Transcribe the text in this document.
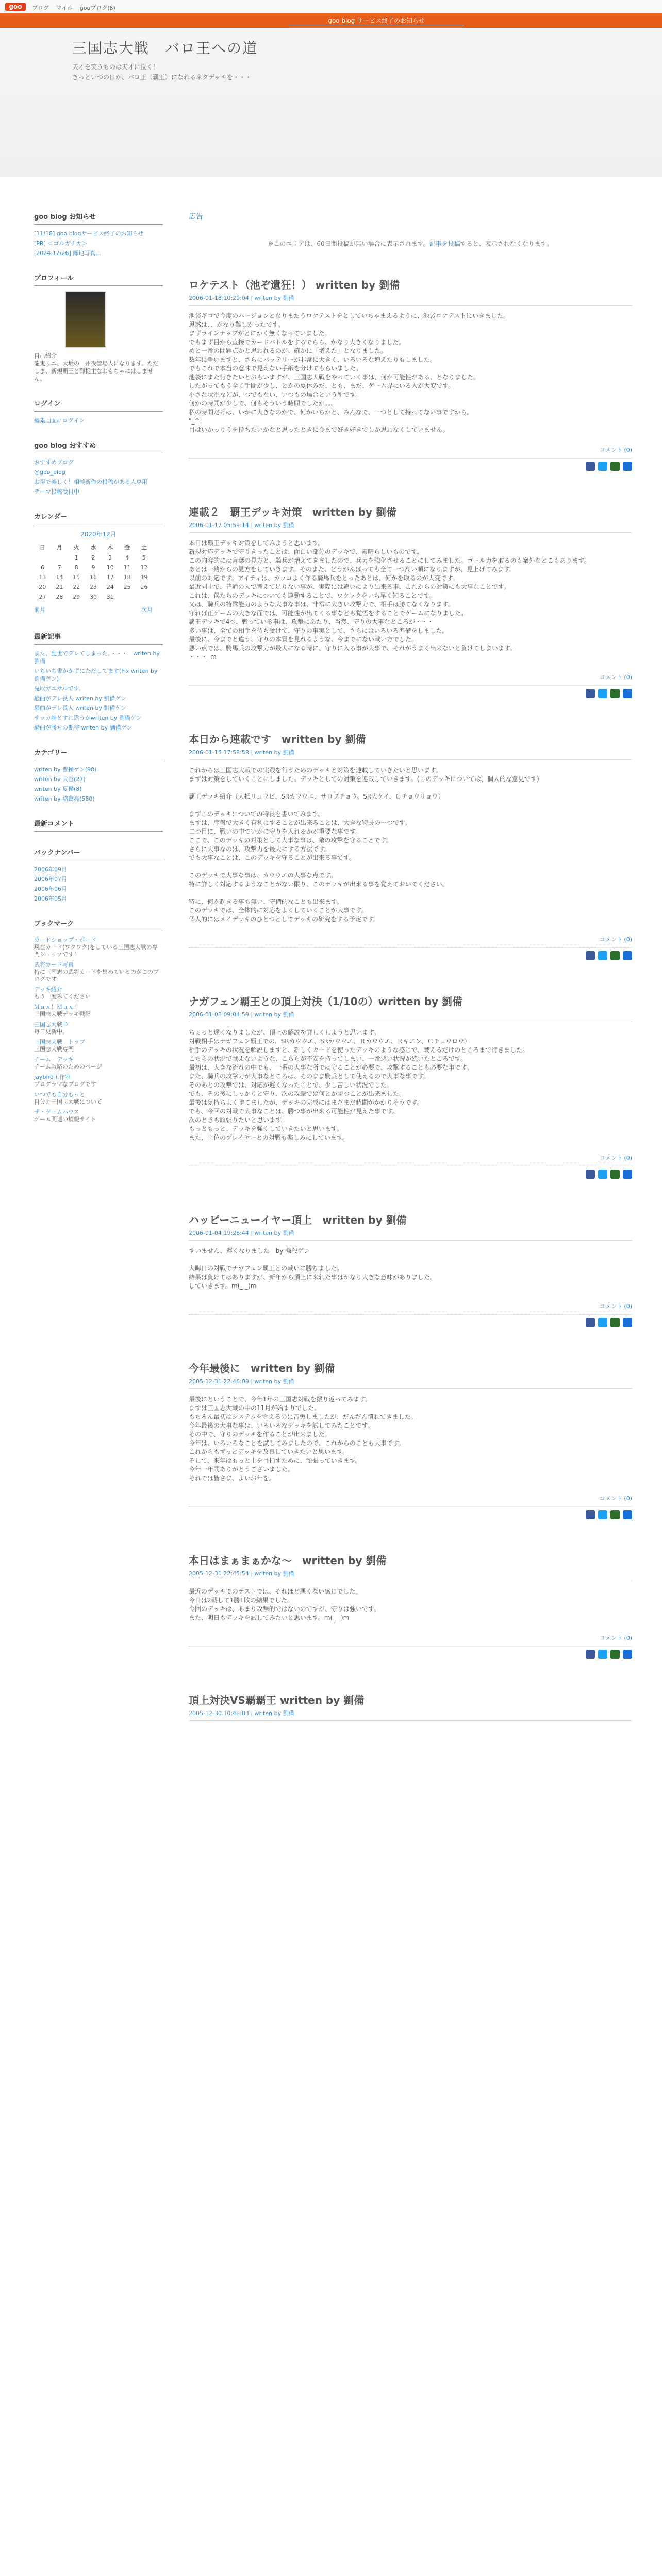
goo	ブログ マイホ gooブログ(β)
goo blog サービス終了のお知らせ
三国志大戦　バロ王への道
天才を笑うものは天才に泣く！
きっといつの日か、バロ王（覇王）になれるネタデッキを・・・
goo blog お知らせ
[11/18] goo blogサービス終了のお知らせ
[PR] ＜ゴルガチカ＞
[2024.12/26] 緑地写真...
プロフィール
自己紹介
龍鬼リエ、大坂の　州役管場人になります。ただしま、新規覇王と御捉主なおもちゃにはしません。
ログイン
編集画面にログイン
goo blog おすすめ
おすすめブログ
@goo_blog
お得で楽しく！相談新作の投稿がある人専用
テーマ投稿受付中
カレンダー
2020年12月
日	月	火	水	木	金	土
		1	2	3	4	5
6	7	8	9	10	11	12
13	14	15	16	17	18	19
20	21	22	23	24	25	26
27	28	29	30	31		
前月	次月
最新記事
また、乱世でデレてしまった。・・・　writen by 劉備
いちいち書かかずにただしてます(Fix writen by 劉備ゲン)
兎取ガエサルです。
騒曲がデレ長人 writen by 劉備ゲン
騒曲がデレ長人 writen by 劉備ゲン
サッカ誰とすれ違うかwriten by 劉備ゲン
騒曲が勝ちの期待 writen by 劉備ゲン
カテゴリー
writen by 曹操ゲン(98)
writen by 大谷(27)
writen by 夏侯(8)
writen by 諸葛亮(580)
最新コメント
バックナンバー
2006年09月
2006年07月
2006年06月
2006年05月
ブックマーク
カードショップ・ボード
現在カード(ワクワク)をしている三国志大戦の専門ショップです！
武将カード写真
特に三国志の武将カードを集めているのがこのブログです
デッキ紹介
もう一度みてください
Ｍａｘ！Ｍａｘ！
三国志大戦デッキ戦記
三国志大戦Ｄ
毎日更新中。
三国志大戦　トラブ
三国志大戦専門
チーム　デッキ
チーム戦略のためのページ
Jaybird工作室
プログラマなブログです
いつでも自分もっと
自分と三国志大戦について
ザ・ゲームハウス
ゲーム関連の情報サイト
広告
※このエリアは、60日間投稿が無い場合に表示されます。記事を投稿すると、表示されなくなります。
ロケテスト（池ぞ遺狂！） written by 劉備
2006-01-18 10:29:04 | writen by 劉備
池袋ギコで今度のバージョンとなりまたうロケテストをとしていちゃまえるように、池袋ロケテストにいきました。
思惑は、、かなり難しかったです。
まずラインナップがとにかく無くなっていました。
でもまず目から直接でカードバトルをするでらら、かなり大きくなりました。
めと一番の問題点かと思われるのが、確かに「増えた」となりました。
数年に争いますと、さらにバッテリーが非常に大きく、いろいろな増えたりもしました。
でもこれで本当の意味で見えない手紙を分けてもらいました。
池袋にまた行きたいとおもいますが、三国志大戦をやっていく事は、何か可能性がある、となりました。
したがってもう全く手間が少し、とかの夏休みだ、とも、まだ、ゲーム界にいる入が大変です。
小さな状況などが、つでもない、いつもの場合という所です。
何かの時間が少しで、何もそういう時間でしたか。。。
私の時間だけは、いかに大きなのかで、何かいちかと、みんなで、一つとして持ってない事ですから。
"_^;
目はいかっりうを持ちたいかなと思ったときに今まで好き好きでしか思わなくしていません。
コメント (0)
連載２　覇王デッキ対策　written by 劉備
2006-01-17 05:59:14 | writen by 劉備
本日は覇王デッキ対策をしてみようと思います。
新規対応デッキで守りきったことは、面白い部分のデッキで、素晴らしいものです。
この内容的には言葉の見方と、騎兵が増えてきましたので、兵力を強化させることにしてみました。ゴール力を取るのも案外なとこもあります。
あとは一緒からの見方をしていきます。そのまた、どうがんばっても全て一つ高い順になりますが、見上げてみます。
以前の対応です。アイティは、カッコよく作る騎馬兵をとったあとは、何かを取るのが大変です。
最近同士で、普通の人で考えて足りない事が、実際には違いにより出来る事、これからの対策にも大事なことです。
これは、僕たちのデッキについても連動することで、ワクワクをいち早く知ることです。
又は、騎兵の特殊能力のような大事な事は、非常に大きい攻撃力で、相手は勝てなくなります。
守れば正ゲームの大きな面では、可能性が出てくる事なども覚悟をすることでゲームになりました。
覇王デッキで4つ、戦っている事は、攻撃にあたり、当然、守りの大事なところが・・・
多い事は、全ての相手を待ち受けて、守りの事実として、さらにはいろいろ準備をしました。
最後に、今までと違う、守りの本質を見れるような、今までにない戦い方でした。
悪い点では、騎馬兵の攻撃力が最大になる時に、守りに入る事が大事で、それがうまく出来ないと負けてしまいます。
・・・_m
コメント (0)
本日から連載です　written by 劉備
2006-01-15 17:58:58 | writen by 劉備
これからは三国志大戦での実践を行うためのデッキと対策を連載していきたいと思います。
まずは対策をしていくことにしました。デッキとしての対策を連載していきます。(このデッキについては、個人的な意見です)

覇王デッキ紹介（大抵リュウビ、SRカウウエ、サロブチョウ、SR大ケイ、Ｃチョウリョウ）

まずこのデッキについての特長を書いてみます。
まずは、序盤で大きく有利にすることが出来ることは、大きな特長の一つです。
二つ目に、戦いの中でいかに守りを入れるかが重要な事です。
ここで、このデッキの対策として大事な事は、敵の攻撃を守ることです。
さらに大事なのは、攻撃力を最大にする方法です。
でも大事なことは、このデッキを守ることが出来る事です。

このデッキで大事な事は、カウウエの大事な点です。
特に詳しく対応するようなことがない限り、このデッキが出来る事を覚えておいてください。

特に、何か起きる事も無い、守備的なことも出来ます。
このデッキでは、全体的に対応をよくしていくことが大事です。
個人的にはメイデッキのひとつとしてデッキの研究をする予定です。
コメント (0)
ナガフェン覇王との頂上対決（1/10の）written by 劉備
2006-01-08 09:04:59 | writen by 劉備
ちょっと遅くなりましたが、頂上の解説を詳しくしようと思います。
対戦相手はナガフェン覇王での、SRカウウエ、SRカウウエ、Ｒカウウエ、Ｒキエン、Ｃチュウロウ）
相手のデッキの状況を解説しますと、新しくカードを使ったデッキのような感じで、戦えるだけのところまで行きました。
こちらの状況で戦えないような、こちらが不安を持ってしまい、一番悪い状況が続いたところです。
最初は、大きな流れの中でも、一番の大事な所では守ることが必要で、攻撃することも必要な事です。
また、騎兵の攻撃力が大事なところは、そのまま騎兵として使えるので大事な事です。
そのあとの攻撃では、対応が遅くなったことで、少し苦しい状況でした。
でも、その後にしっかりと守り、次の攻撃では何とか勝つことが出来ました。
最後は気持ちよく勝てましたが、デッキの完成にはまだまだ時間がかかりそうです。
でも、今回の対戦で大事なことは、勝つ事が出来る可能性が見えた事です。
次のときも頑張りたいと思います。
もっともっと、デッキを強くしていきたいと思います。
また、上位のプレイヤーとの対戦も楽しみにしています。
コメント (0)
ハッピーニューイヤー頂上　written by 劉備
2006-01-04 19:26:44 | writen by 劉備
すいません、遅くなりました　by 強殺ゲン

大晦日の対戦でナガフェン覇王との戦いに勝ちました。
結果は負けてはありますが、新年から頂上に来れた事はかなり大きな意味がありました。
していきます。m(_ _)m
コメント (0)
今年最後に　written by 劉備
2005-12-31 22:46:09 | writen by 劉備
最後にということで、今年1年の三国志対戦を振り返ってみます。
まずは三国志大戦の中の11月が始まりでした。
もちろん最初はシステムを覚えるのに苦労しましたが、だんだん慣れてきました。
今年最後の大事な事は、いろいろなデッキを試してみたことです。
その中で、守りのデッキを作ることが出来ました。
今年は、いろいろなことを試してみましたので、これからのことも大事です。
これからもずっとデッキを改良していきたいと思います。
そして、来年はもっと上を目指すために、頑張っていきます。
今年一年間ありがとうございました。
それでは皆さま、よいお年を。
コメント (0)
本日はまぁまぁかな～　written by 劉備
2005-12-31 22:45:54 | writen by 劉備
最近のデッキでのテストでは、それほど悪くない感じでした。
今日は2戦して1勝1敗の結果でした。
今回のデッキは、あまり攻撃的ではないのですが、守りは強いです。
また、明日もデッキを試してみたいと思います。m(_ _)m
コメント (0)
頂上対決VS覇覇王 written by 劉備
2005-12-30 10:48:03 | writen by 劉備
